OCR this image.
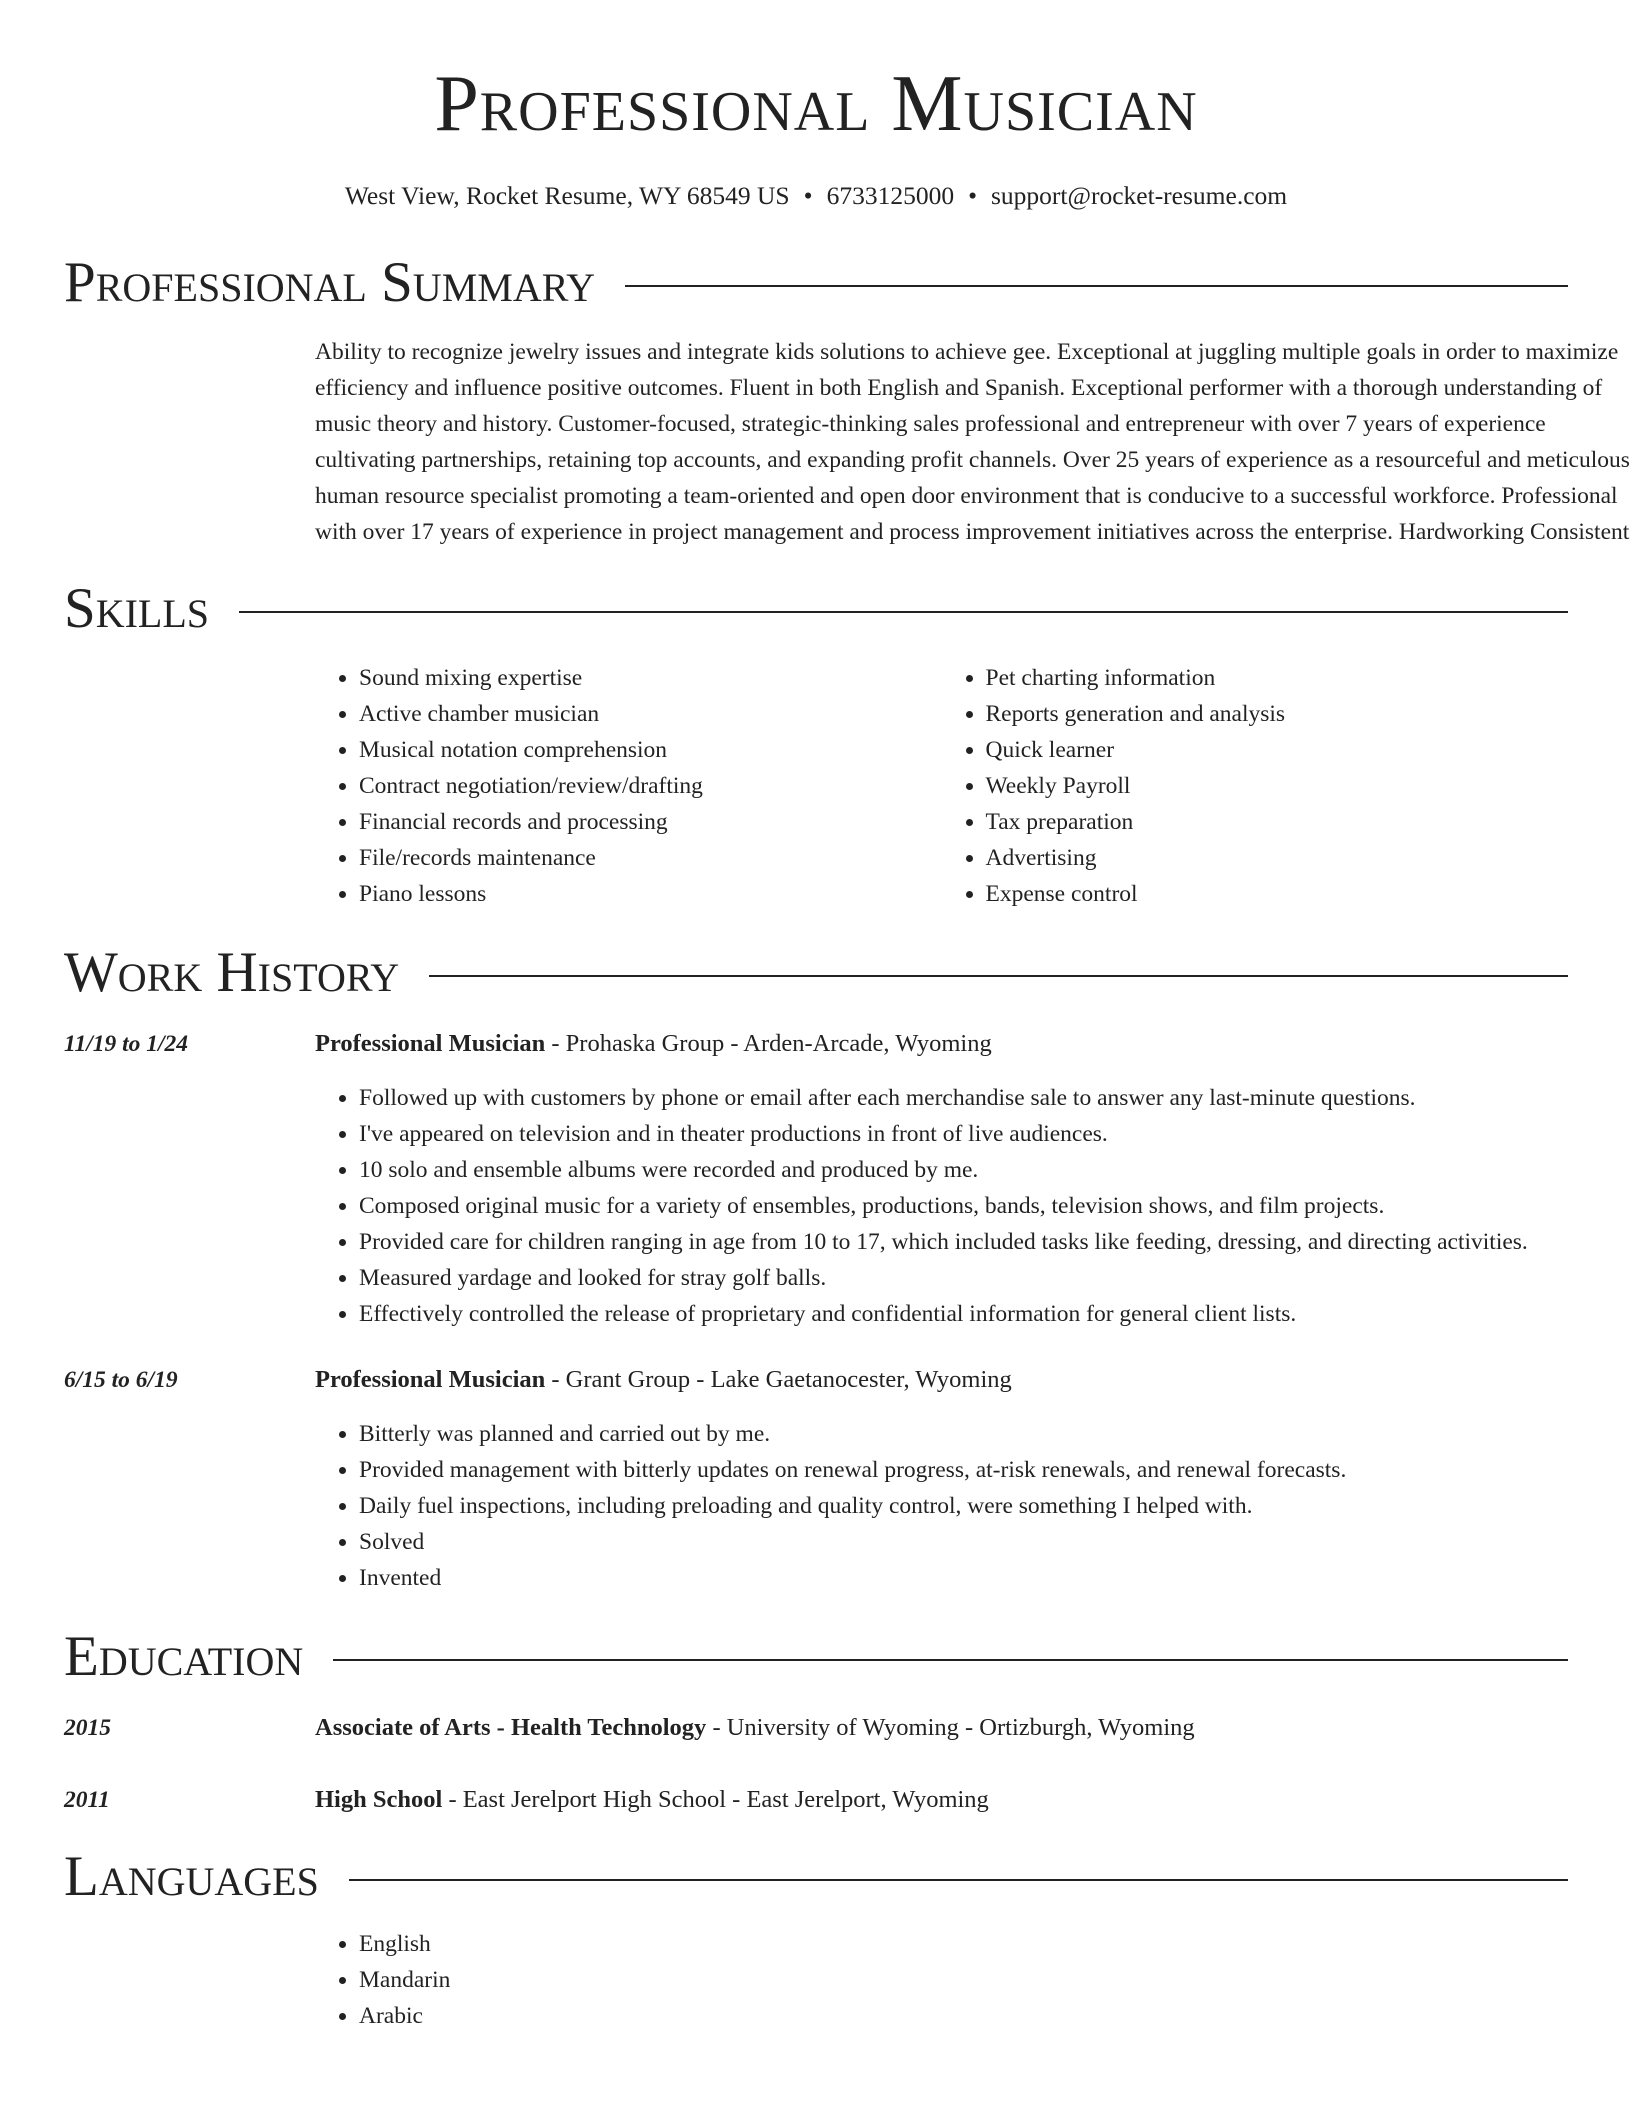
Professional Musician
West View, Rocket Resume, WY 68549 US • 6733125000 • support@rocket-resume.com
Professional Summary
Ability to recognize jewelry issues and integrate kids solutions to achieve gee. Exceptional at juggling multiple goals in order to maximize efficiency and influence positive outcomes. Fluent in both English and Spanish. Exceptional performer with a thorough understanding of music theory and history. Customer-focused, strategic-thinking sales professional and entrepreneur with over 7 years of experience cultivating partnerships, retaining top accounts, and expanding profit channels. Over 25 years of experience as a resourceful and meticulous human resource specialist promoting a team-oriented and open door environment that is conducive to a successful workforce. Professional with over 17 years of experience in project management and process improvement initiatives across the enterprise. Hardworking Consistent
Skills
• Sound mixing expertise
• Active chamber musician
• Musical notation comprehension
• Contract negotiation/review/drafting
• Financial records and processing
• File/records maintenance
• Piano lessons
• Pet charting information
• Reports generation and analysis
• Quick learner
• Weekly Payroll
• Tax preparation
• Advertising
• Expense control
Work History
11/19 to 1/24	Professional Musician - Prohaska Group - Arden-Arcade, Wyoming
• Followed up with customers by phone or email after each merchandise sale to answer any last-minute questions.
• I've appeared on television and in theater productions in front of live audiences.
• 10 solo and ensemble albums were recorded and produced by me.
• Composed original music for a variety of ensembles, productions, bands, television shows, and film projects.
• Provided care for children ranging in age from 10 to 17, which included tasks like feeding, dressing, and directing activities.
• Measured yardage and looked for stray golf balls.
• Effectively controlled the release of proprietary and confidential information for general client lists.
6/15 to 6/19	Professional Musician - Grant Group - Lake Gaetanocester, Wyoming
• Bitterly was planned and carried out by me.
• Provided management with bitterly updates on renewal progress, at-risk renewals, and renewal forecasts.
• Daily fuel inspections, including preloading and quality control, were something I helped with.
• Solved
• Invented
Education
2015	Associate of Arts - Health Technology - University of Wyoming - Ortizburgh, Wyoming
2011	High School - East Jerelport High School - East Jerelport, Wyoming
Languages
• English
• Mandarin
• Arabic
